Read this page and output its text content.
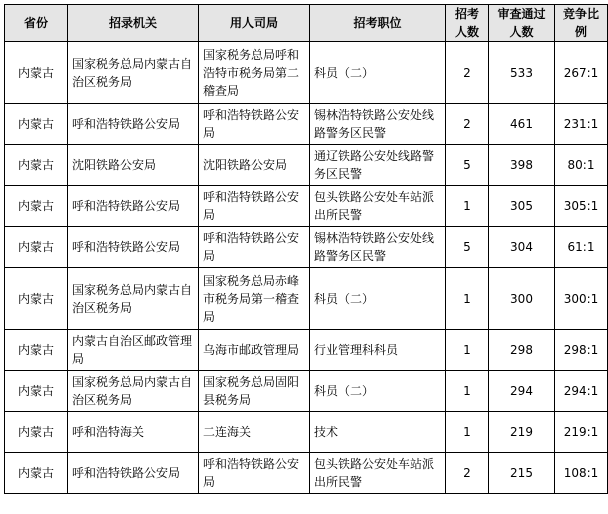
省份	招录机关	用人司局	招考职位	招考人数	审查通过人数	竞争比例
内蒙古	国家税务总局内蒙古自治区税务局	国家税务总局呼和浩特市税务局第二稽查局	科员（二）	2	533	267:1
内蒙古	呼和浩特铁路公安局	呼和浩特铁路公安局	锡林浩特铁路公安处线路警务区民警	2	461	231:1
内蒙古	沈阳铁路公安局	沈阳铁路公安局	通辽铁路公安处线路警务区民警	5	398	80:1
内蒙古	呼和浩特铁路公安局	呼和浩特铁路公安局	包头铁路公安处车站派出所民警	1	305	305:1
内蒙古	呼和浩特铁路公安局	呼和浩特铁路公安局	锡林浩特铁路公安处线路警务区民警	5	304	61:1
内蒙古	国家税务总局内蒙古自治区税务局	国家税务总局赤峰市税务局第一稽查局	科员（二）	1	300	300:1
内蒙古	内蒙古自治区邮政管理局	乌海市邮政管理局	行业管理科科员	1	298	298:1
内蒙古	国家税务总局内蒙古自治区税务局	国家税务总局固阳县税务局	科员（二）	1	294	294:1
内蒙古	呼和浩特海关	二连海关	技术	1	219	219:1
内蒙古	呼和浩特铁路公安局	呼和浩特铁路公安局	包头铁路公安处车站派出所民警	2	215	108:1
